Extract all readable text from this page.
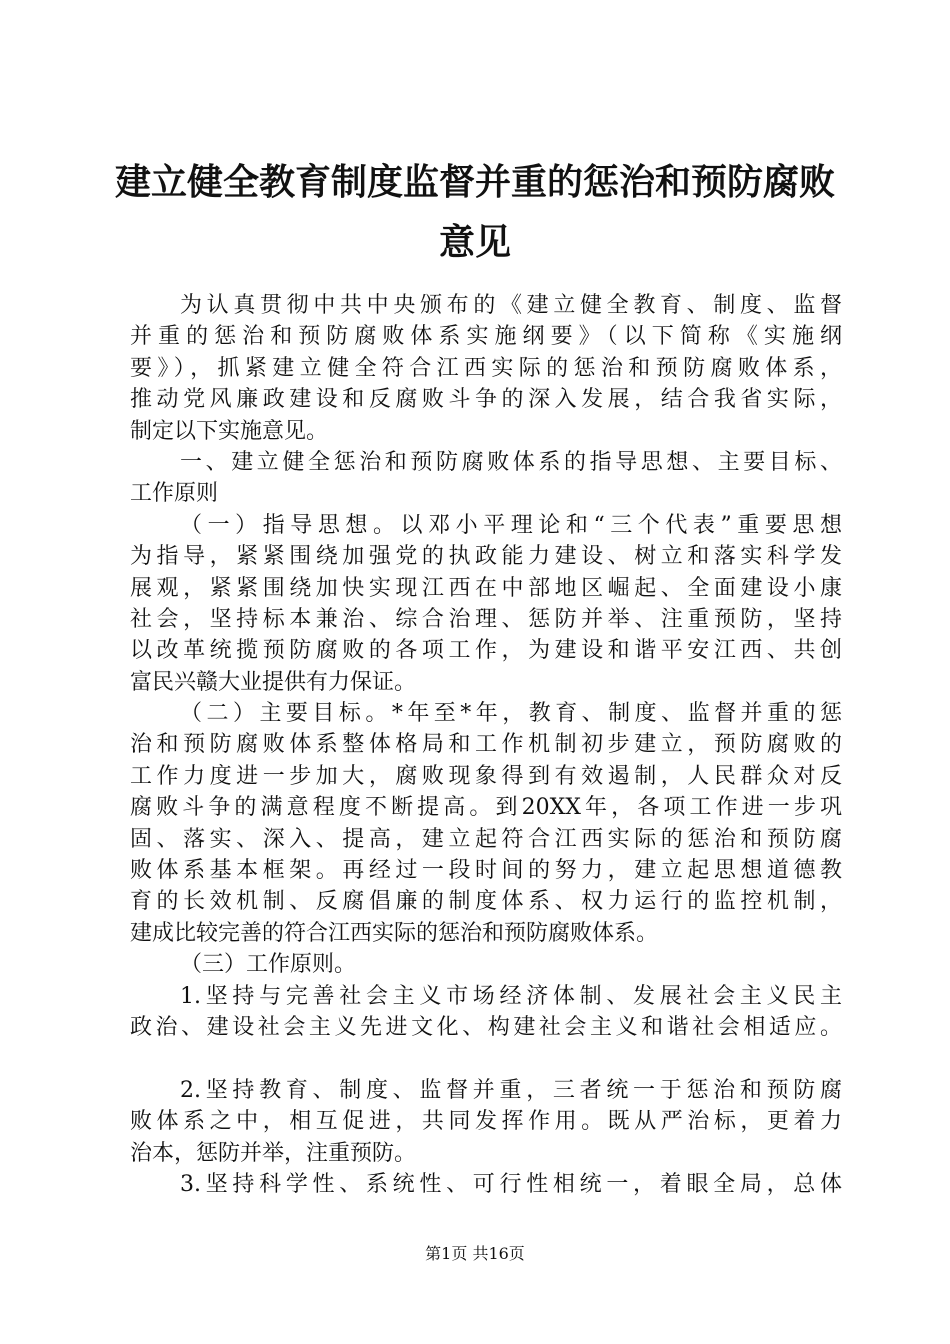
建立健全教育制度监督并重的惩治和预防腐败
意见
为认真贯彻中共中央颁布的《建立健全教育、制度、监督
并重的惩治和预防腐败体系实施纲要》（以下简称《实施纲
要》），抓紧建立健全符合江西实际的惩治和预防腐败体系，
推动党风廉政建设和反腐败斗争的深入发展，结合我省实际，
制定以下实施意见。
一、建立健全惩治和预防腐败体系的指导思想、主要目标、
工作原则
（一）指导思想。以邓小平理论和“三个代表”重要思想
为指导，紧紧围绕加强党的执政能力建设、树立和落实科学发
展观，紧紧围绕加快实现江西在中部地区崛起、全面建设小康
社会，坚持标本兼治、综合治理、惩防并举、注重预防，坚持
以改革统揽预防腐败的各项工作，为建设和谐平安江西、共创
富民兴赣大业提供有力保证。
（二）主要目标。*年至*年，教育、制度、监督并重的惩
治和预防腐败体系整体格局和工作机制初步建立，预防腐败的
工作力度进一步加大，腐败现象得到有效遏制，人民群众对反
腐败斗争的满意程度不断提高。到20XX年，各项工作进一步巩
固、落实、深入、提高，建立起符合江西实际的惩治和预防腐
败体系基本框架。再经过一段时间的努力，建立起思想道德教
育的长效机制、反腐倡廉的制度体系、权力运行的监控机制，
建成比较完善的符合江西实际的惩治和预防腐败体系。
（三）工作原则。
1.坚持与完善社会主义市场经济体制、发展社会主义民主
政治、建设社会主义先进文化、构建社会主义和谐社会相适应。
2.坚持教育、制度、监督并重，三者统一于惩治和预防腐
败体系之中，相互促进，共同发挥作用。既从严治标，更着力
治本，惩防并举，注重预防。
3.坚持科学性、系统性、可行性相统一，着眼全局，总体
第1页 共16页
